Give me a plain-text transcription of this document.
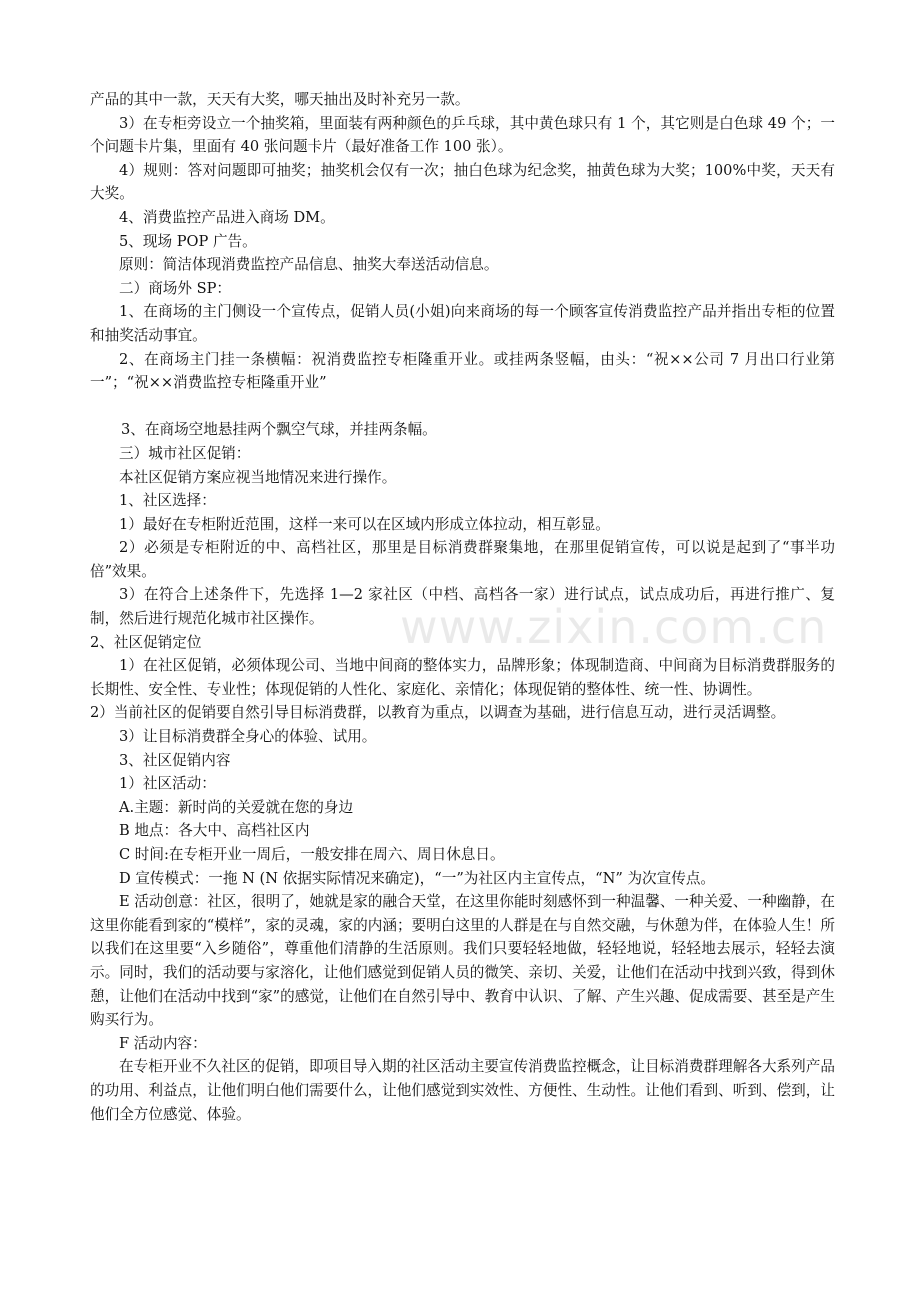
www.zixin.com.cn

产品的其中一款，天天有大奖，哪天抽出及时补充另一款。

3）在专柜旁设立一个抽奖箱，里面装有两种颜色的乒乓球，其中黄色球只有 1 个，其它则是白色球 49 个；一个问题卡片集，里面有 40 张问题卡片（最好准备工作 100 张）。

4）规则：答对问题即可抽奖；抽奖机会仅有一次；抽白色球为纪念奖，抽黄色球为大奖；100%中奖，天天有大奖。

4、消费监控产品进入商场 DM。

5、现场 POP 广告。

原则：简洁体现消费监控产品信息、抽奖大奉送活动信息。

二）商场外 SP：

1、在商场的主门侧设一个宣传点，促销人员(小姐)向来商场的每一个顾客宣传消费监控产品并指出专柜的位置和抽奖活动事宜。

2、在商场主门挂一条横幅：祝消费监控专柜隆重开业。或挂两条竖幅，由头：“祝××公司 7 月出口行业第一”；“祝××消费监控专柜隆重开业”

3、在商场空地悬挂两个飘空气球，并挂两条幅。

三）城市社区促销：

本社区促销方案应视当地情况来进行操作。

1、社区选择：

1）最好在专柜附近范围，这样一来可以在区域内形成立体拉动，相互彰显。

2）必须是专柜附近的中、高档社区，那里是目标消费群聚集地，在那里促销宣传，可以说是起到了“事半功倍”效果。

3）在符合上述条件下，先选择 1—2 家社区（中档、高档各一家）进行试点，试点成功后，再进行推广、复制，然后进行规范化城市社区操作。

2、社区促销定位

1）在社区促销，必须体现公司、当地中间商的整体实力，品牌形象；体现制造商、中间商为目标消费群服务的长期性、安全性、专业性；体现促销的人性化、家庭化、亲情化；体现促销的整体性、统一性、协调性。

2）当前社区的促销要自然引导目标消费群，以教育为重点，以调查为基础，进行信息互动，进行灵活调整。

3）让目标消费群全身心的体验、试用。

3、社区促销内容

1）社区活动：

A.主题：新时尚的关爱就在您的身边

B 地点：各大中、高档社区内

C 时间:在专柜开业一周后，一般安排在周六、周日休息日。

D 宣传模式：一拖 N (N 依据实际情况来确定)，“一”为社区内主宣传点，“N” 为次宣传点。

E 活动创意：社区，很明了，她就是家的融合天堂，在这里你能时刻感怀到一种温馨、一种关爱、一种幽静，在这里你能看到家的“模样”，家的灵魂，家的内涵；要明白这里的人群是在与自然交融，与休憩为伴，在体验人生！所以我们在这里要“入乡随俗”，尊重他们清静的生活原则。我们只要轻轻地做，轻轻地说，轻轻地去展示，轻轻去演示。同时，我们的活动要与家溶化，让他们感觉到促销人员的微笑、亲切、关爱，让他们在活动中找到兴致，得到休憩，让他们在活动中找到“家”的感觉，让他们在自然引导中、教育中认识、了解、产生兴趣、促成需要、甚至是产生购买行为。

F 活动内容：

在专柜开业不久社区的促销，即项目导入期的社区活动主要宣传消费监控概念，让目标消费群理解各大系列产品的功用、利益点，让他们明白他们需要什么，让他们感觉到实效性、方便性、生动性。让他们看到、听到、偿到，让他们全方位感觉、体验。
